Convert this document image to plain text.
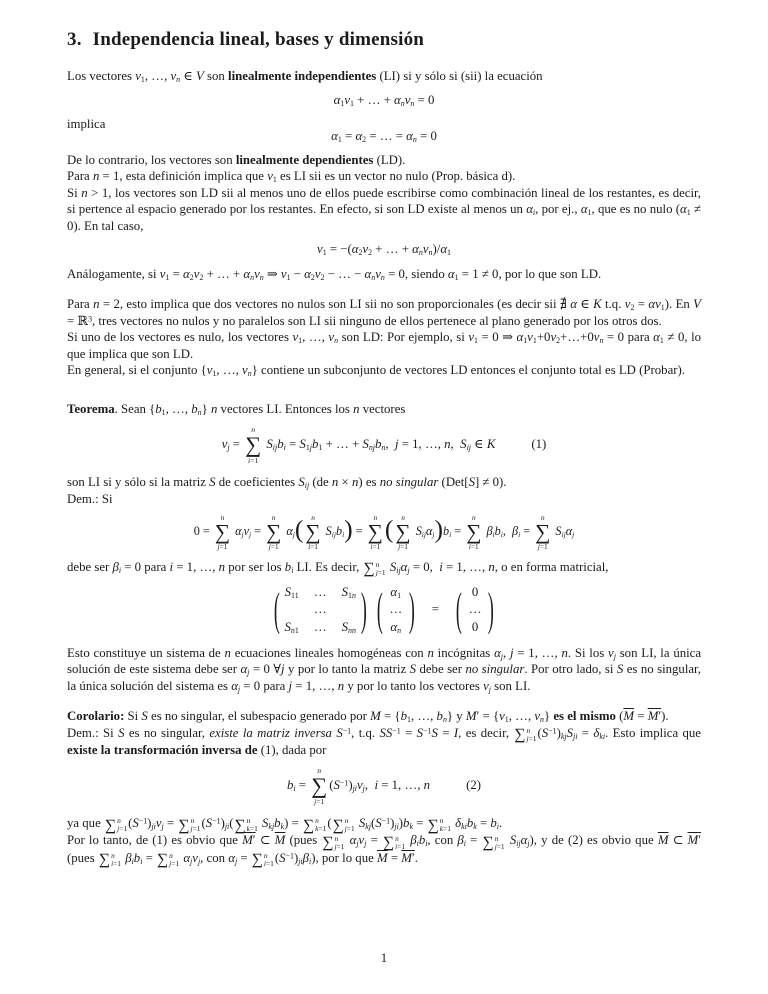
3. Independencia lineal, bases y dimensión

Los vectores $v_1$, …, $v_n$ ∈ V son linealmente independientes (LI) si y sólo si (sii) la ecuación

$\alpha_1v_1$ + … + $\alpha_nv_n = 0$

implica

$\alpha_1 = \alpha_2$ = … = $\alpha_n = 0$
De lo contrario, los vectores son linealmente dependientes (LD).
Para n = 1, esta definición implica que $v_1$ es LI sii es un vector no nulo (Prop. básica d).
Si n > 1, los vectores son LD sii al menos uno de ellos puede escribirse como combinación lineal de los restantes, es decir, si pertence al espacio generado por los restantes. En efecto, si son LD existe al menos un $\alpha_i$, por ej., $\alpha_1$, que es no nulo $(\alpha_1 \ne 0)$. En tal caso,
$v_1 = -(\alpha_2v_2$ + … + $\alpha_nv_n)/\alpha_1$

Análogamente, si $v_1 = \alpha_2v_2$ + … + $\alpha_nv_n$ ⇒ $v_1 - \alpha_2v_2$ − … − $\alpha_nv_n = 0$, siendo $\alpha_1 = 1 \ne 0$, por lo que son LD.

Para n = 2, esto implica que dos vectores no nulos son LI sii no son proporcionales (es decir sii ∄ α ∈ K t.q. $v_2 = \alpha v_1$). En V = ℝ$^3$, tres vectores no nulos y no paralelos son LI sii ninguno de ellos pertenece al plano generado por los otros dos.
Si uno de los vectores es nulo, los vectores $v_1$, …, $v_n$ son LD: Por ejemplo, si $v_1 = 0$ ⇒ $\alpha_1v_1+0v_2+\dots+0v_n = 0$ para $\alpha_1 \ne 0$, lo que implica que son LD.
En general, si el conjunto {$v_1$, …, $v_n$} contiene un subconjunto de vectores LD entonces el conjunto total es LD (Probar).

Teorema. Sean {$b_1$, …, $b_n$} n vectores LI. Entonces los n vectores

$v_j$ =
n
∑
i=1
$S_{ij}b_i = S_{1j}b_1$ + … + $S_{nj}b_n$,  j = 1, …, n,  $S_{ij}$ ∈ K	(1)

son LI si y sólo si la matriz S de coeficientes $S_{ij}$ (de n × n) es no singular (Det[S] ≠ 0).

Dem.: Si

0 =
n
∑
j=1
$\alpha_jv_j$ =
n
∑
j=1
$\alpha_j$( n
∑
i=1
$S_{ij}b_i$) =
n
∑
i=1
( n
∑
j=1
$S_{ij}\alpha_j)b_i$ =
n
∑
i=1
$\beta_ib_i$,  $\beta_i$ =
n
∑
j=1
$S_{ij}\alpha_j$

debe ser $\beta_i = 0$ para i = 1, …, n por ser los $b_i$ LI. Es decir, ∑ n
j=1 $S_{ij}\alpha_j = 0$,  i = 1, …, n, o en forma matricial,

( $S_{11}$ … $S_{1n}$
…
$S_{n1}$ … $S_{nn}$ ) ( $\alpha_1$
…
$\alpha_n$ ) = ( 0
…
0 )

Esto constituye un sistema de n ecuaciones lineales homogéneas con n incógnitas $\alpha_j$, j = 1, …, n. Si los $v_j$ son LI, la única solución de este sistema debe ser $\alpha_j = 0$ ∀j y por lo tanto la matriz S debe ser no singular. Por otro lado, si S es no singular, la única solución del sistema es $\alpha_j = 0$ para j = 1, …, n y por lo tanto los vectores $v_j$ son LI.

Corolario: Si S es no singular, el subespacio generado por $M = \{b_1$, …, $b_n$} y $M' = \{v_1$, …, $v_n$} es el mismo $(\overline{M} = M')$.

Dem.: Si S es no singular, existe la matriz inversa $S^{-1}$, t.q. $SS^{-1} = S^{-1}S = I$, es decir, ∑ n
j=1 $(S^{-1})_{kj}S_{ji} = \delta_{ki}$. Esto implica que existe la transformación inversa de (1), dada por

$b_i$ =
n
∑
j=1
$(S^{-1})_{ji}v_j$,  i = 1, …, n	(2)
ya que ∑ n
j=1 $(S^{-1})_{ji}v_j$ = ∑ n
j=1 $(S^{-1})_{ji}$( ∑ n
k=1 $S_{kj}b_k$) = ∑ n
k=1 ( ∑ n
j=1 $S_{kj}(S^{-1})_{ji})b_k$ = ∑ n
k=1 $\delta_{ki}b_k = b_i$.
Por lo tanto, de (1) es obvio que M′ ⊂ $\overline{M}$ (pues ∑ n
j=1 $\alpha_jv_j$ = ∑ n
i=1 $\beta_ib_i$, con $\beta_i$ = ∑ n
j=1 $S_{ij}\alpha_j$), y de (2) es obvio que $\overline{M}$ ⊂ M′ (pues ∑ n
i=1 $\beta_ib_i$ = ∑ n
j=1 $\alpha_jv_j$, con $\alpha_j$ = ∑ n
i=1 $(S^{-1})_{ji}\beta_i$), por lo que $\overline{M} = M'$.
1
